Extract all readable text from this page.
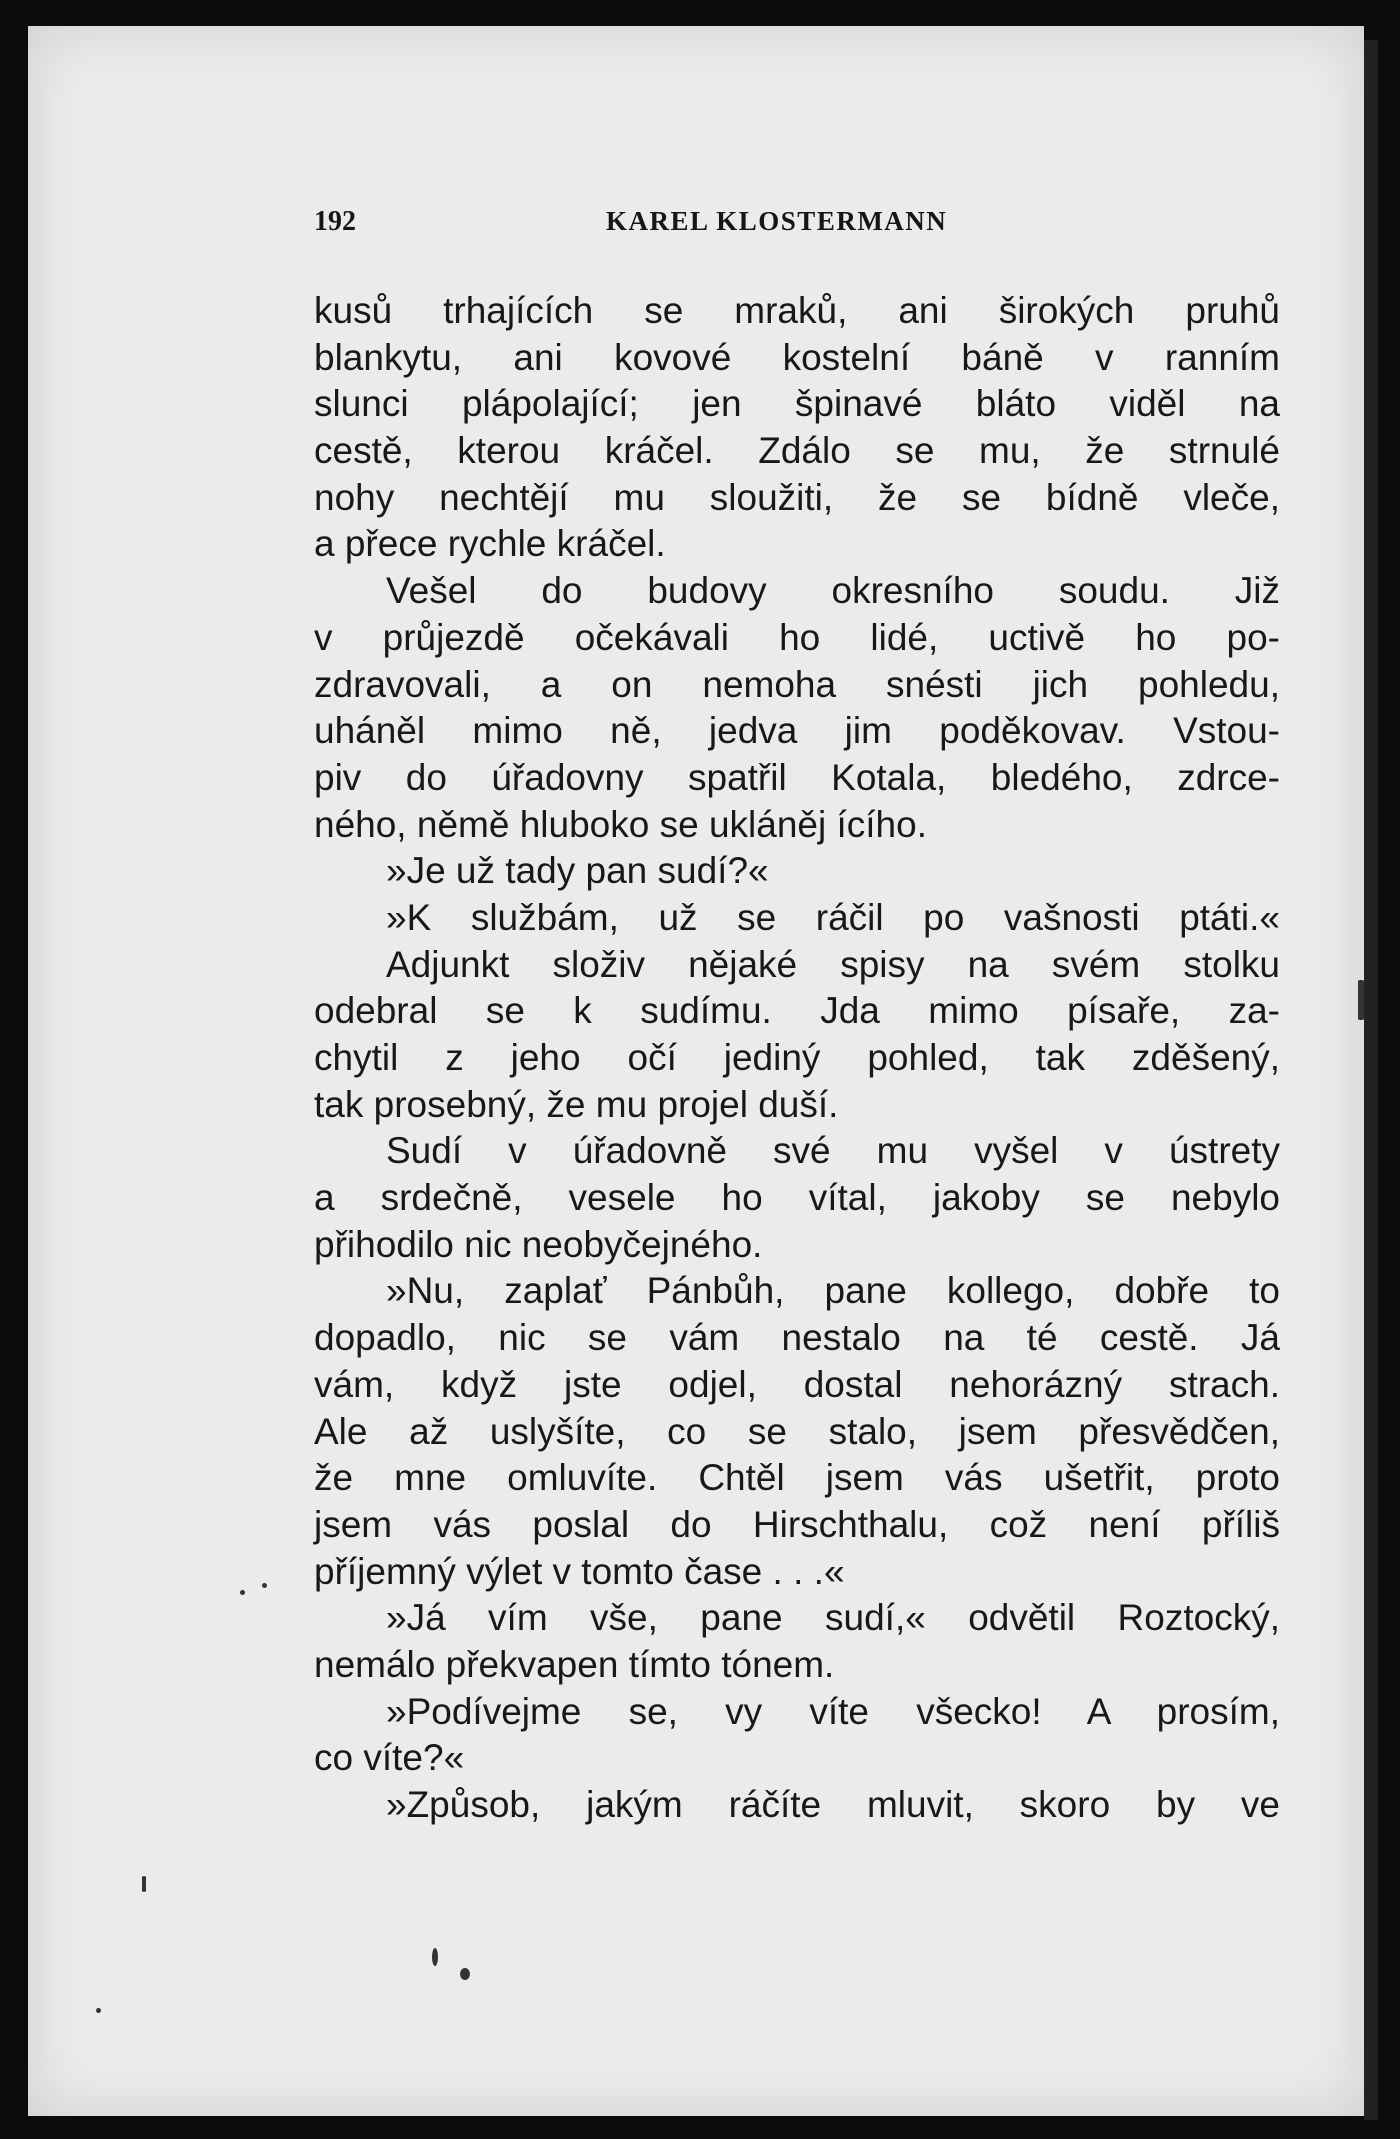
192	KAREL KLOSTERMANN
kusů trhajících se mraků, ani širokých pruhů
blankytu, ani kovové kostelní báně v ranním
slunci plápolající; jen špinavé bláto viděl na
cestě, kterou kráčel. Zdálo se mu, že strnulé
nohy nechtějí mu sloužiti, že se bídně vleče,
a přece rychle kráčel.
Vešel do budovy okresního soudu. Již
v průjezdě očekávali ho lidé, uctivě ho po-
zdravovali, a on nemoha snésti jich pohledu,
uháněl mimo ně, jedva jim poděkovav. Vstou-
piv do úřadovny spatřil Kotala, bledého, zdrce-
ného, němě hluboko se ukláněj ícího.
»Je už tady pan sudí?«
»K službám, už se ráčil po vašnosti ptáti.«
Adjunkt složiv nějaké spisy na svém stolku
odebral se k sudímu. Jda mimo písaře, za-
chytil z jeho očí jediný pohled, tak zděšený,
tak prosebný, že mu projel duší.
Sudí v úřadovně své mu vyšel v ústrety
a srdečně, vesele ho vítal, jakoby se nebylo
přihodilo nic neobyčejného.
»Nu, zaplať Pánbůh, pane kollego, dobře to
dopadlo, nic se vám nestalo na té cestě. Já
vám, když jste odjel, dostal nehorázný strach.
Ale až uslyšíte, co se stalo, jsem přesvědčen,
že mne omluvíte. Chtěl jsem vás ušetřit, proto
jsem vás poslal do Hirschthalu, což není příliš
příjemný výlet v tomto čase . . .«
»Já vím vše, pane sudí,« odvětil Roztocký,
nemálo překvapen tímto tónem.
»Podívejme se, vy víte všecko! A prosím,
co víte?«
»Způsob, jakým ráčíte mluvit, skoro by ve
